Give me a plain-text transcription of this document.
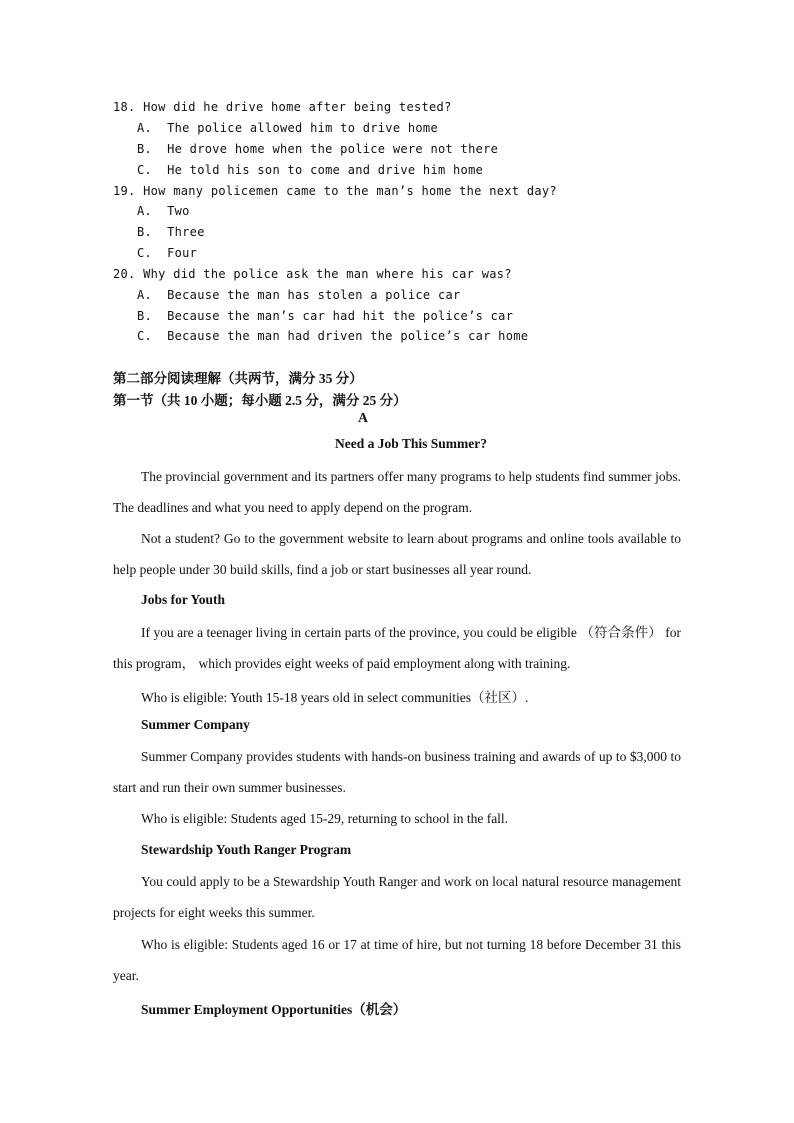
18. How did he drive home after being tested?
A.  The police allowed him to drive home
B.  He drove home when the police were not there
C.  He told his son to come and drive him home
19. How many policemen came to the man’s home the next day?
A.  Two
B.  Three
C.  Four
20. Why did the police ask the man where his car was?
A.  Because the man has stolen a police car
B.  Because the man’s car had hit the police’s car
C.  Because the man had driven the police’s car home
第二部分阅读理解（共两节，满分 35 分）
第一节（共 10 小题；每小题 2.5 分，满分 25 分）
A
Need a Job This Summer?

The provincial government and its partners offer many programs to help students find summer jobs. The deadlines and what you need to apply depend on the program.

Not a student? Go to the government website to learn about programs and online tools available to help people under 30 build skills, find a job or start businesses all year round.

Jobs for Youth

If you are a teenager living in certain parts of the province, you could be eligible （符合条件） for this program， which provides eight weeks of paid employment along with training.

Who is eligible: Youth 15-18 years old in select communities（社区）.
Summer Company

Summer Company provides students with hands-on business training and awards of up to $3,000 to start and run their own summer businesses.

Who is eligible: Students aged 15-29, returning to school in the fall.
Stewardship Youth Ranger Program

You could apply to be a Stewardship Youth Ranger and work on local natural resource management projects for eight weeks this summer.

Who is eligible: Students aged 16 or 17 at time of hire, but not turning 18 before December 31 this year.

Summer Employment Opportunities（机会）
